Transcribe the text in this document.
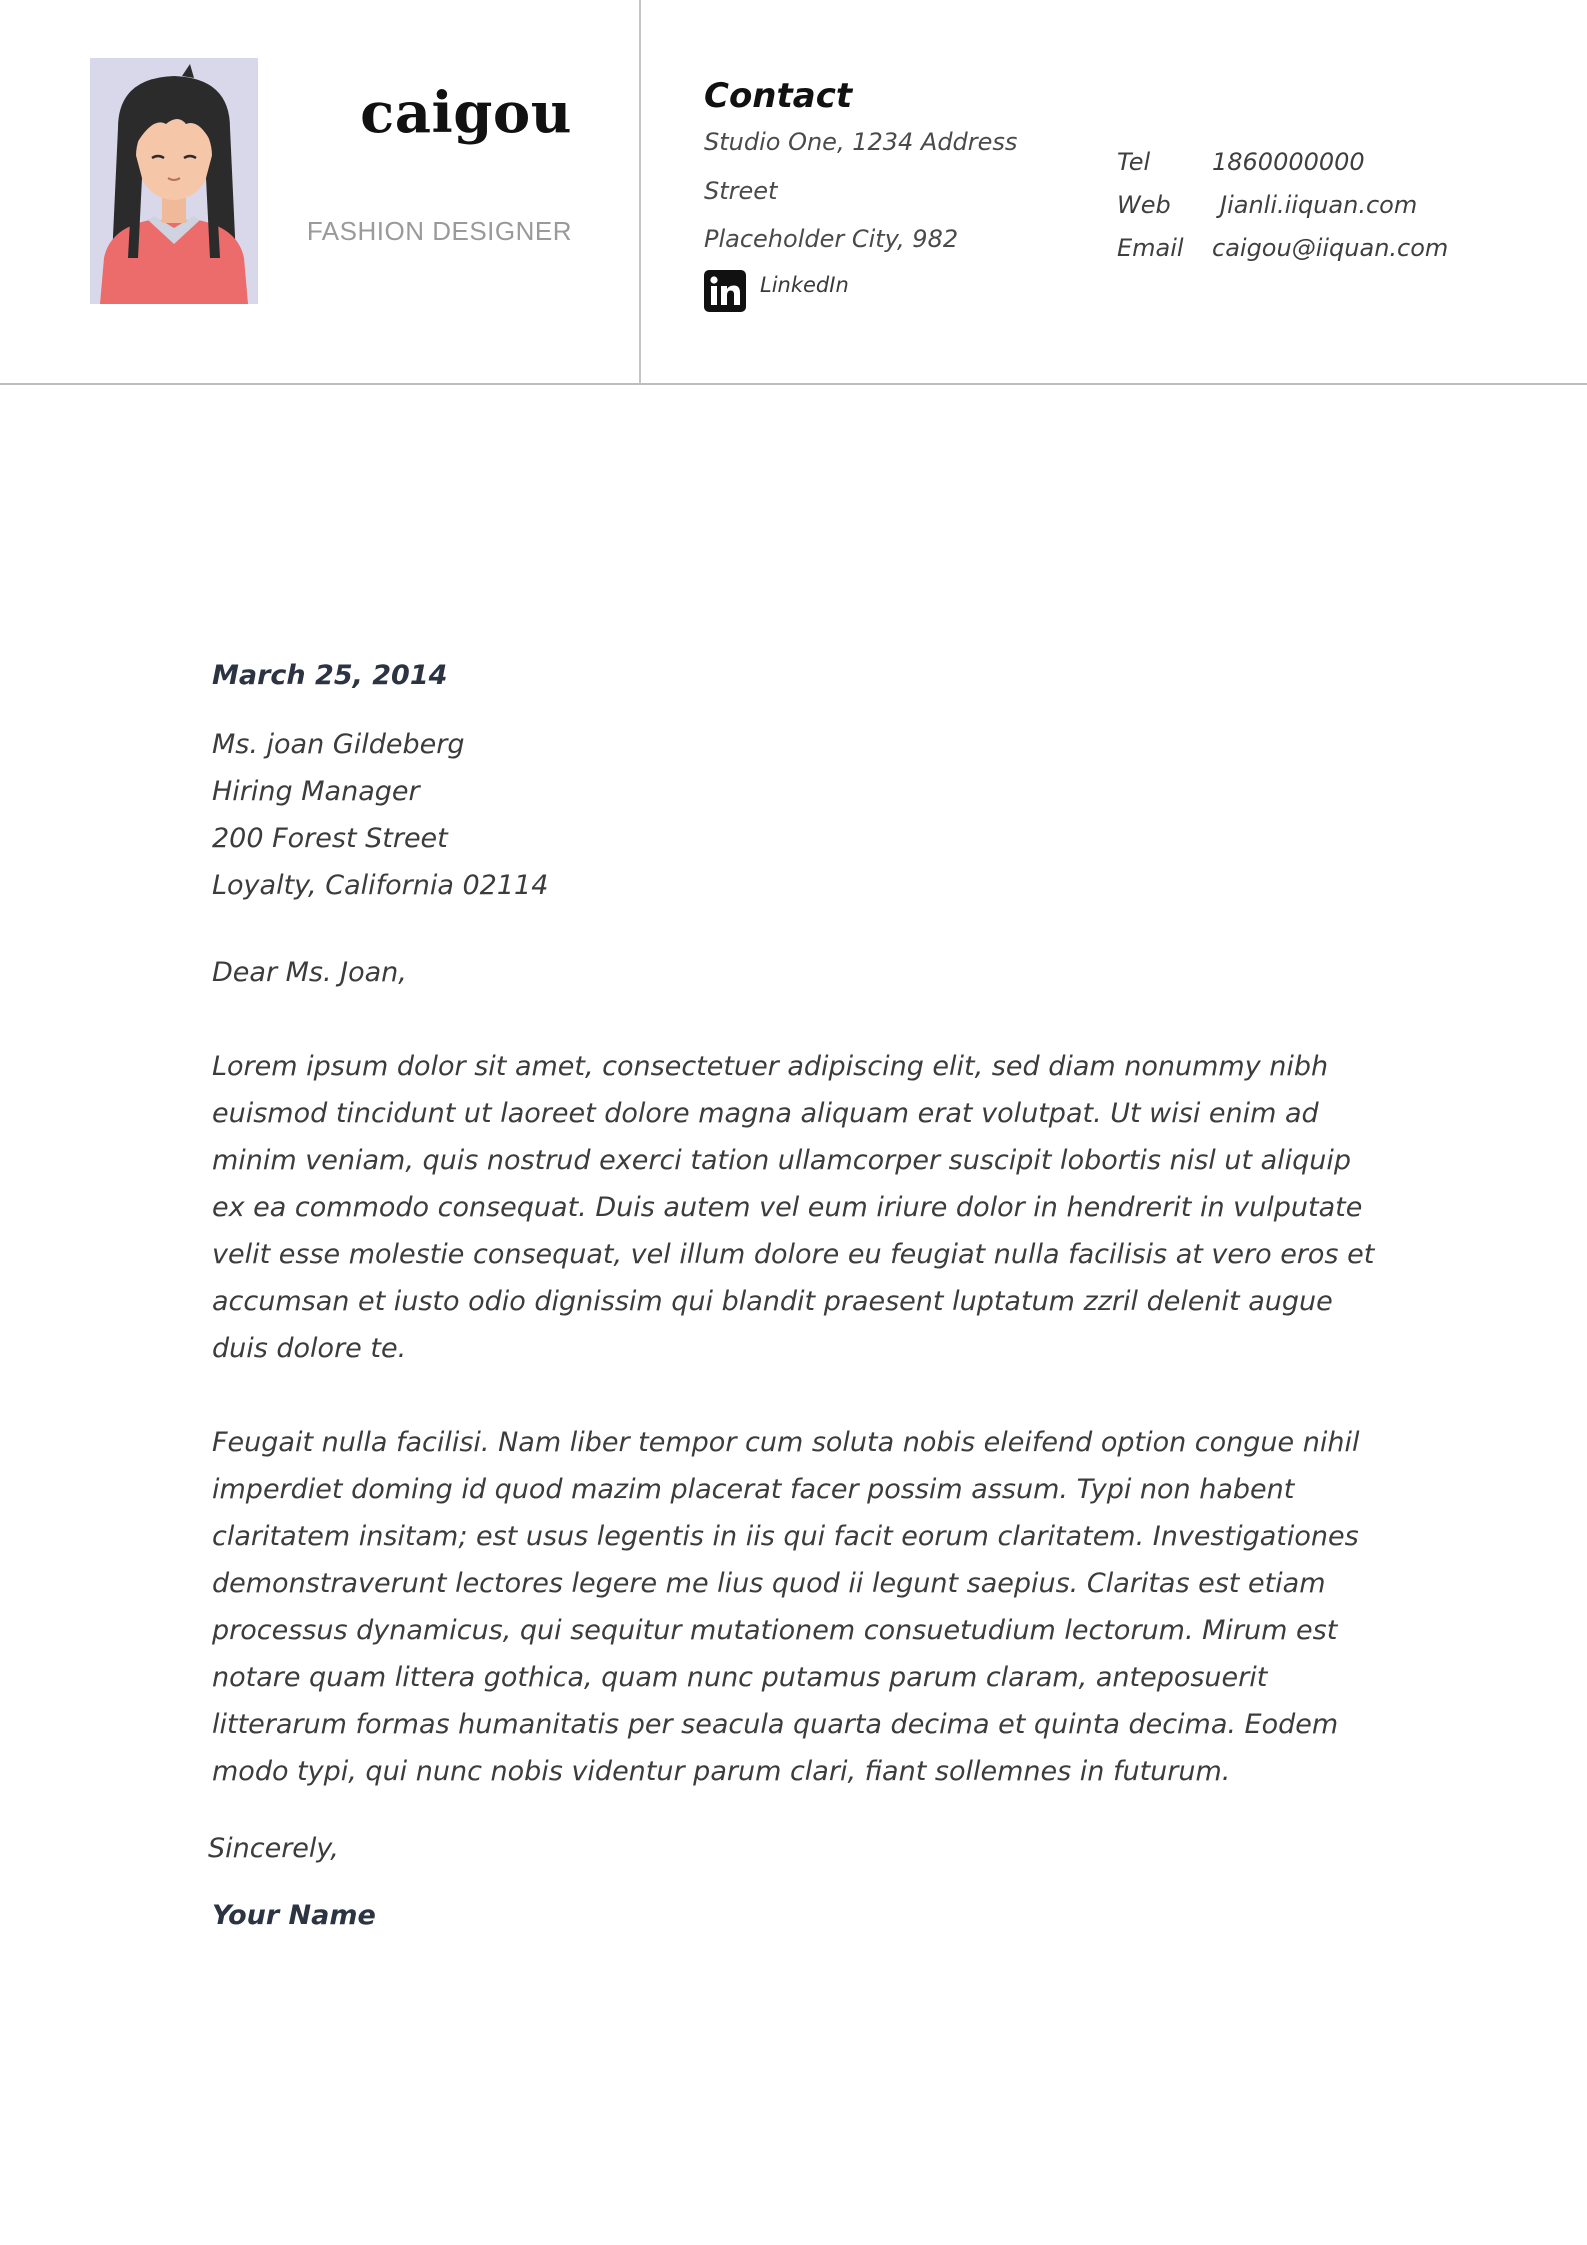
caigou
FASHION DESIGNER
Contact
Studio One, 1234 Address
Street
Placeholder City, 982
LinkedIn
Tel	1860000000
Web	Jianli.iiquan.com
Email	caigou@iiquan.com
March 25, 2014
Ms. joan Gildeberg
Hiring Manager
200 Forest Street
Loyalty, California 02114
Dear Ms. Joan,

Lorem ipsum dolor sit amet, consectetuer adipiscing elit, sed diam nonummy nibh euismod tincidunt ut laoreet dolore magna aliquam erat volutpat. Ut wisi enim ad minim veniam, quis nostrud exerci tation ullamcorper suscipit lobortis nisl ut aliquip ex ea commodo consequat. Duis autem vel eum iriure dolor in hendrerit in vulputate velit esse molestie consequat, vel illum dolore eu feugiat nulla facilisis at vero eros et accumsan et iusto odio dignissim qui blandit praesent luptatum zzril delenit augue duis dolore te.

Feugait nulla facilisi. Nam liber tempor cum soluta nobis eleifend option congue nihil imperdiet doming id quod mazim placerat facer possim assum. Typi non habent claritatem insitam; est usus legentis in iis qui facit eorum claritatem. Investigationes demonstraverunt lectores legere me lius quod ii legunt saepius. Claritas est etiam processus dynamicus, qui sequitur mutationem consuetudium lectorum. Mirum est notare quam littera gothica, quam nunc putamus parum claram, anteposuerit litterarum formas humanitatis per seacula quarta decima et quinta decima. Eodem modo typi, qui nunc nobis videntur parum clari, fiant sollemnes in futurum.

Sincerely,
Your Name
